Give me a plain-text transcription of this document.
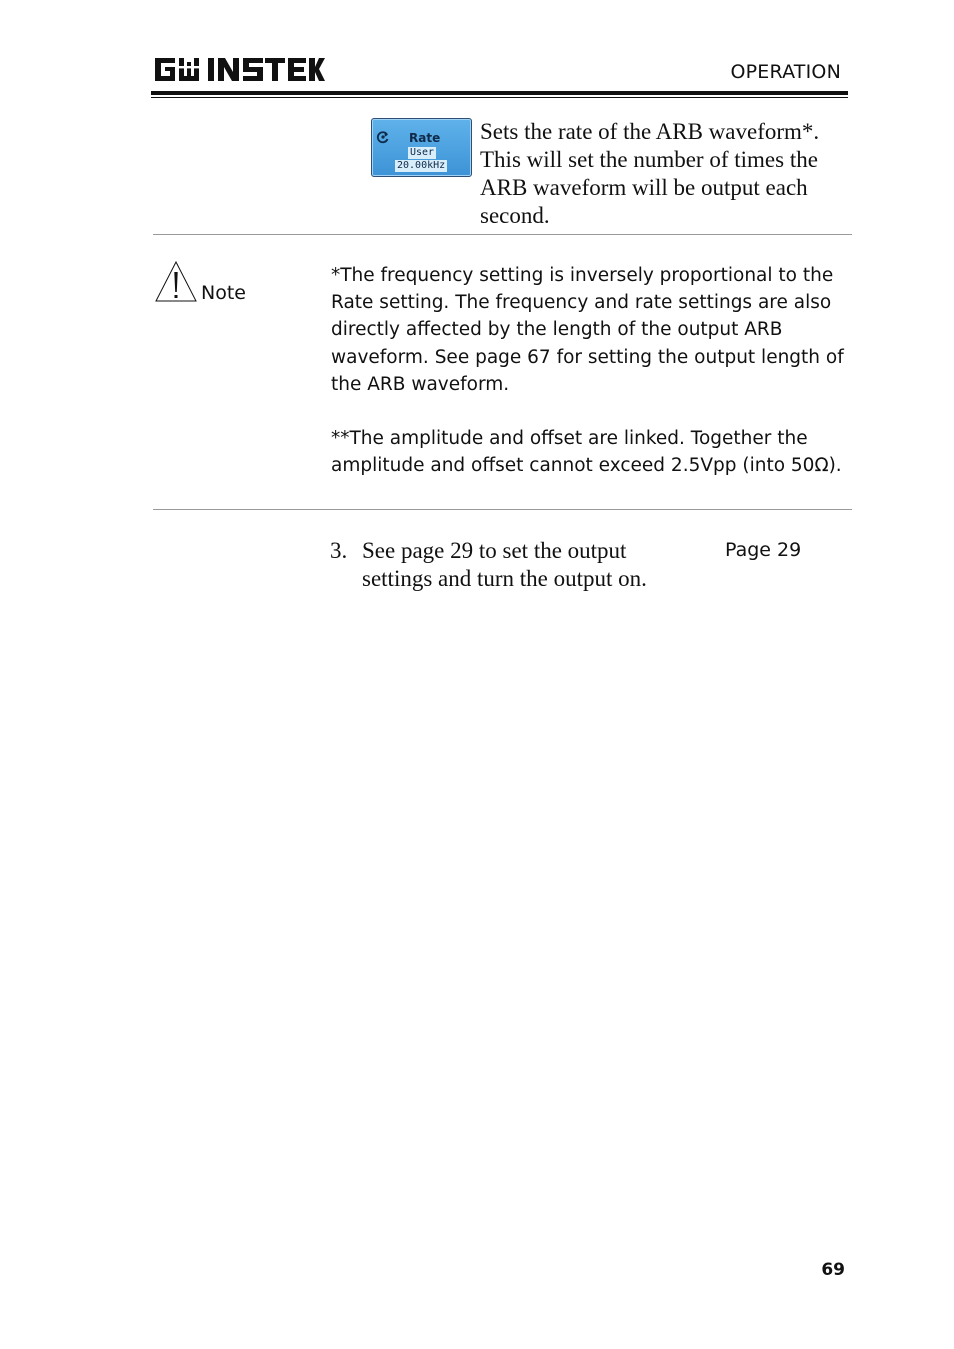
OPERATION
Rate
User
20.00kHz
Sets the rate of the ARB waveform*. This will set the number of times the ARB waveform will be output each second.
Note

*The frequency setting is inversely proportional to the Rate setting. The frequency and rate settings are also directly affected by the length of the output ARB waveform. See page 67 for setting the output length of the ARB waveform.

**The amplitude and offset are linked. Together the amplitude and offset cannot exceed 2.5Vpp (into 50Ω).

3. See page 29 to set the output settings and turn the output on.
Page 29
69
